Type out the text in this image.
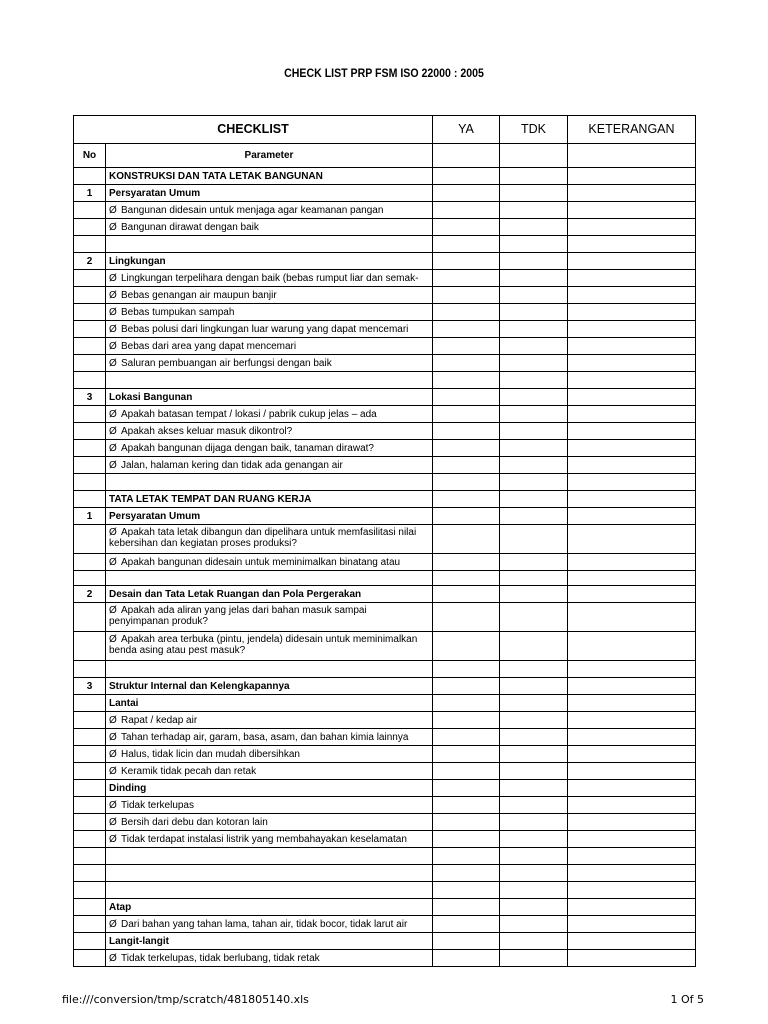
CHECK LIST PRP FSM ISO 22000 : 2005
CHECKLIST		YA	TDK	KETERANGAN
No	Parameter			
	KONSTRUKSI DAN TATA LETAK BANGUNAN			
1	Persyaratan Umum			
	Ø Bangunan didesain untuk menjaga agar keamanan pangan			
	Ø Bangunan dirawat dengan baik			

2	Lingkungan			
	Ø Lingkungan terpelihara dengan baik (bebas rumput liar dan semak-			
	Ø Bebas genangan air maupun banjir			
	Ø Bebas tumpukan sampah			
	Ø Bebas polusi dari lingkungan luar warung yang dapat mencemari			
	Ø Bebas dari area yang dapat mencemari			
	Ø Saluran pembuangan air berfungsi dengan baik			

3	Lokasi Bangunan			
	Ø Apakah batasan tempat / lokasi / pabrik cukup jelas – ada			
	Ø Apakah akses keluar masuk dikontrol?			
	Ø Apakah bangunan dijaga dengan baik, tanaman dirawat?			
	Ø Jalan, halaman kering dan tidak ada genangan air			

	TATA LETAK TEMPAT DAN RUANG KERJA			
1	Persyaratan Umum			
	Ø Apakah tata letak dibangun dan dipelihara untuk memfasilitasi nilai kebersihan dan kegiatan proses produksi?			
	Ø Apakah bangunan didesain untuk meminimalkan binatang atau			

2	Desain dan Tata Letak Ruangan dan Pola Pergerakan			

	Ø Apakah ada aliran yang jelas dari bahan masuk sampai penyimpanan produk?			

	Ø Apakah area terbuka (pintu, jendela) didesain untuk meminimalkan benda asing atau pest masuk?			

3	Struktur Internal dan Kelengkapannya			
	Lantai			
	Ø Rapat / kedap air			
	Ø Tahan terhadap air, garam, basa, asam, dan bahan kimia lainnya			
	Ø Halus, tidak licin dan mudah dibersihkan			
	Ø Keramik tidak pecah dan retak			
	Dinding			
	Ø Tidak terkelupas			
	Ø Bersih dari debu dan kotoran lain			
	Ø Tidak terdapat instalasi listrik yang membahayakan keselamatan			

	Atap			
	Ø Dari bahan yang tahan lama, tahan air, tidak bocor, tidak larut air			
	Langit-langit			
	Ø Tidak terkelupas, tidak berlubang, tidak retak			
file:///conversion/tmp/scratch/481805140.xls	1 Of 5
